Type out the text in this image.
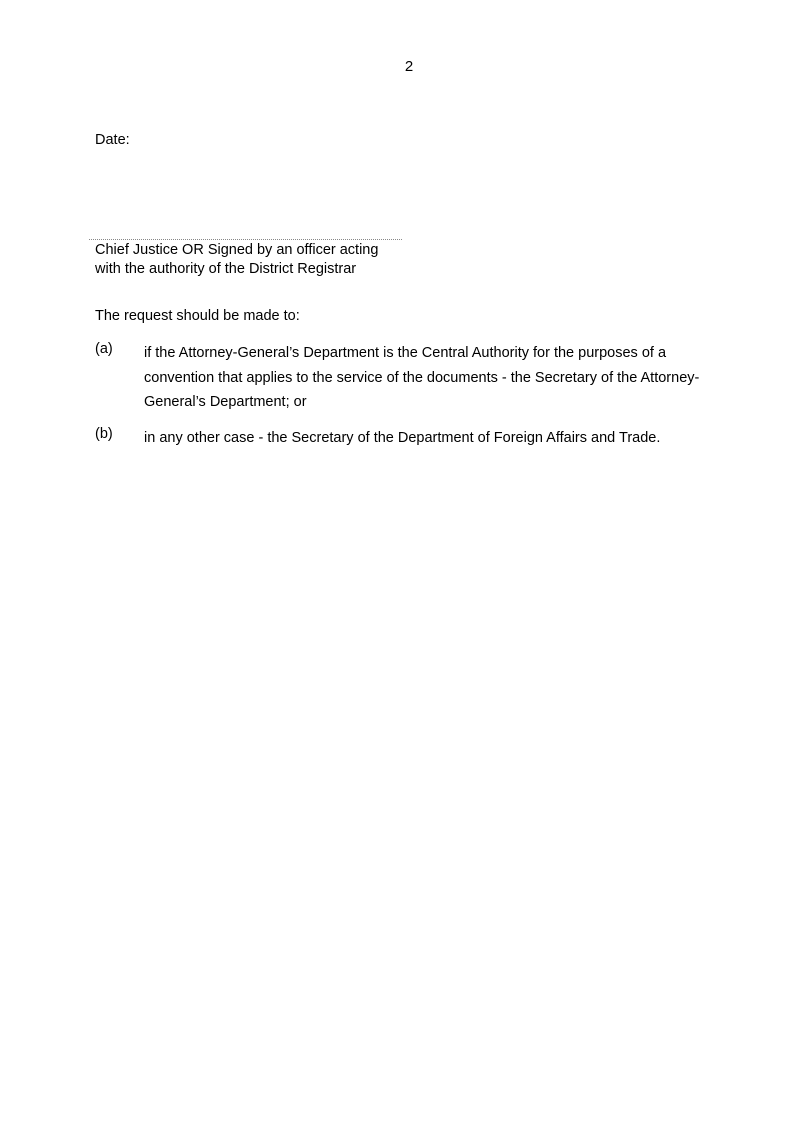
2
Date:
Chief Justice OR Signed by an officer acting
with the authority of the District Registrar
The request should be made to:
(a) if the Attorney-General’s Department is the Central Authority for the purposes of a
convention that applies to the service of the documents - the Secretary of the Attorney-
General’s Department; or
(b) in any other case - the Secretary of the Department of Foreign Affairs and Trade.
